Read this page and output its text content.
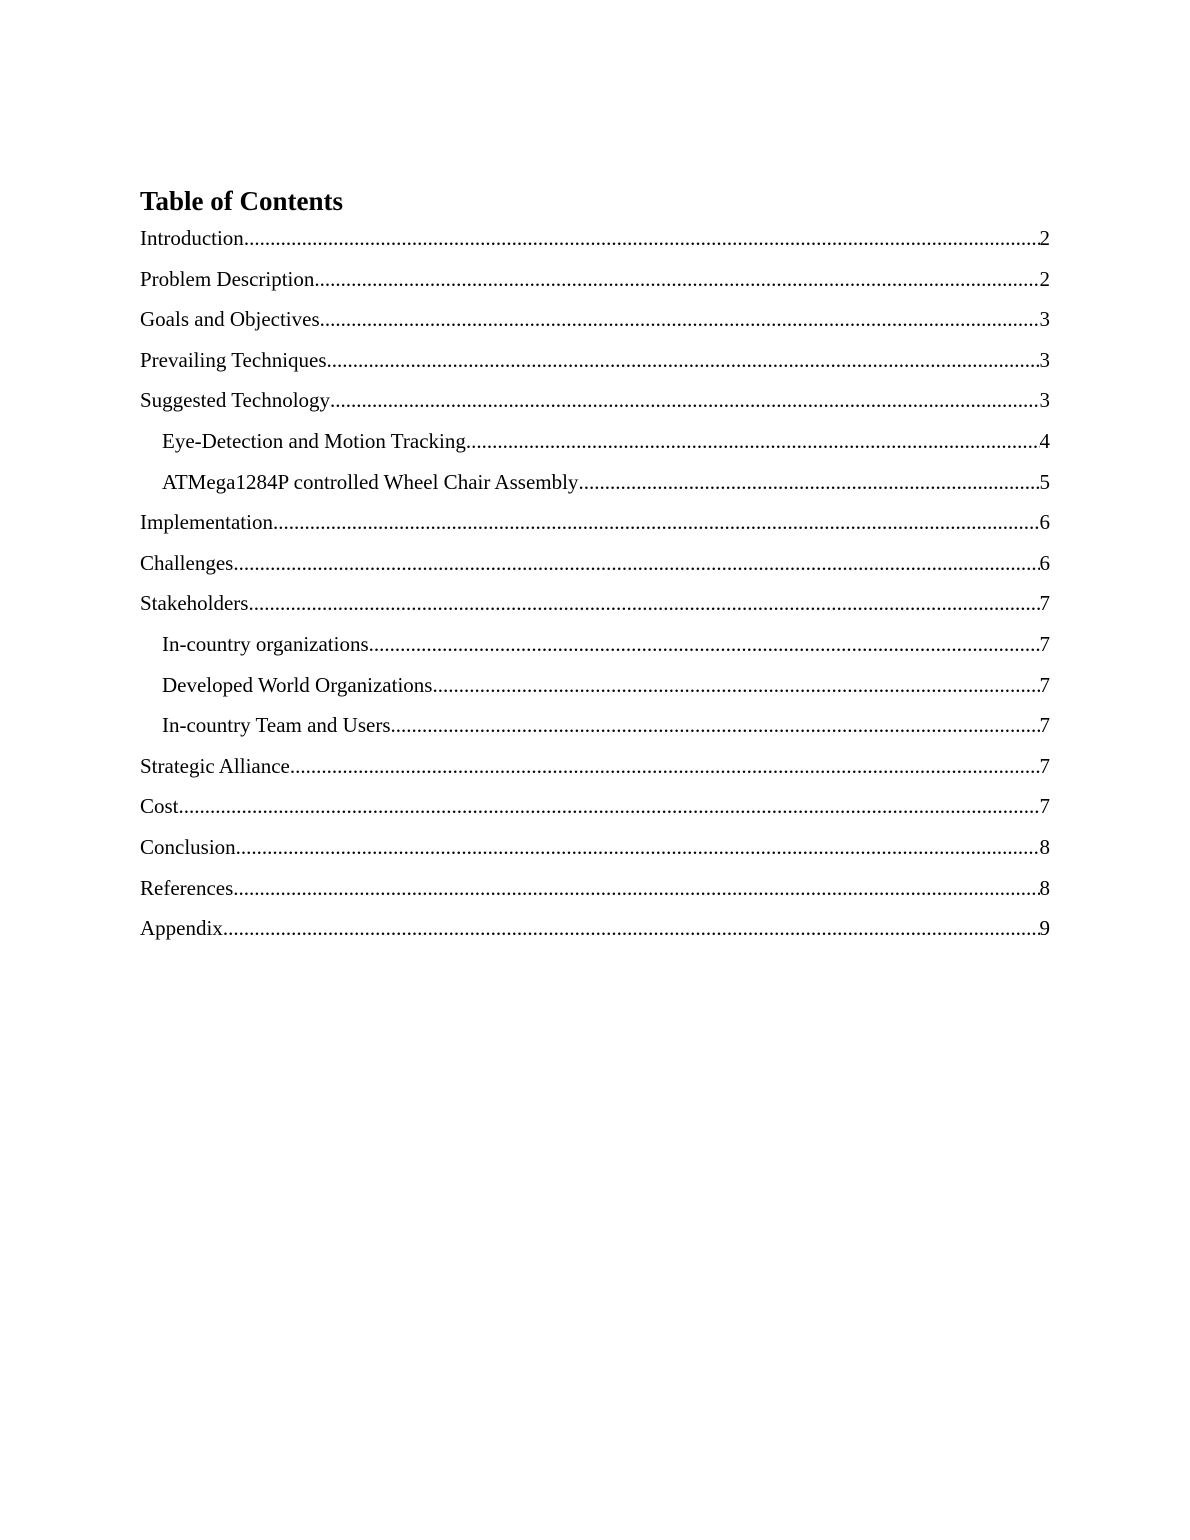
Table of Contents
Introduction .....	2
Problem Description .....	2
Goals and Objectives .....	3
Prevailing Techniques .....	3
Suggested Technology .....	3
Eye-Detection and Motion Tracking .....	4
ATMega1284P controlled Wheel Chair Assembly .....	5
Implementation .....	6
Challenges .....	6
Stakeholders .....	7
In-country organizations .....	7
Developed World Organizations .....	7
In-country Team and Users .....	7
Strategic Alliance .....	7
Cost .....	7
Conclusion .....	8
References .....	8
Appendix .....	9
